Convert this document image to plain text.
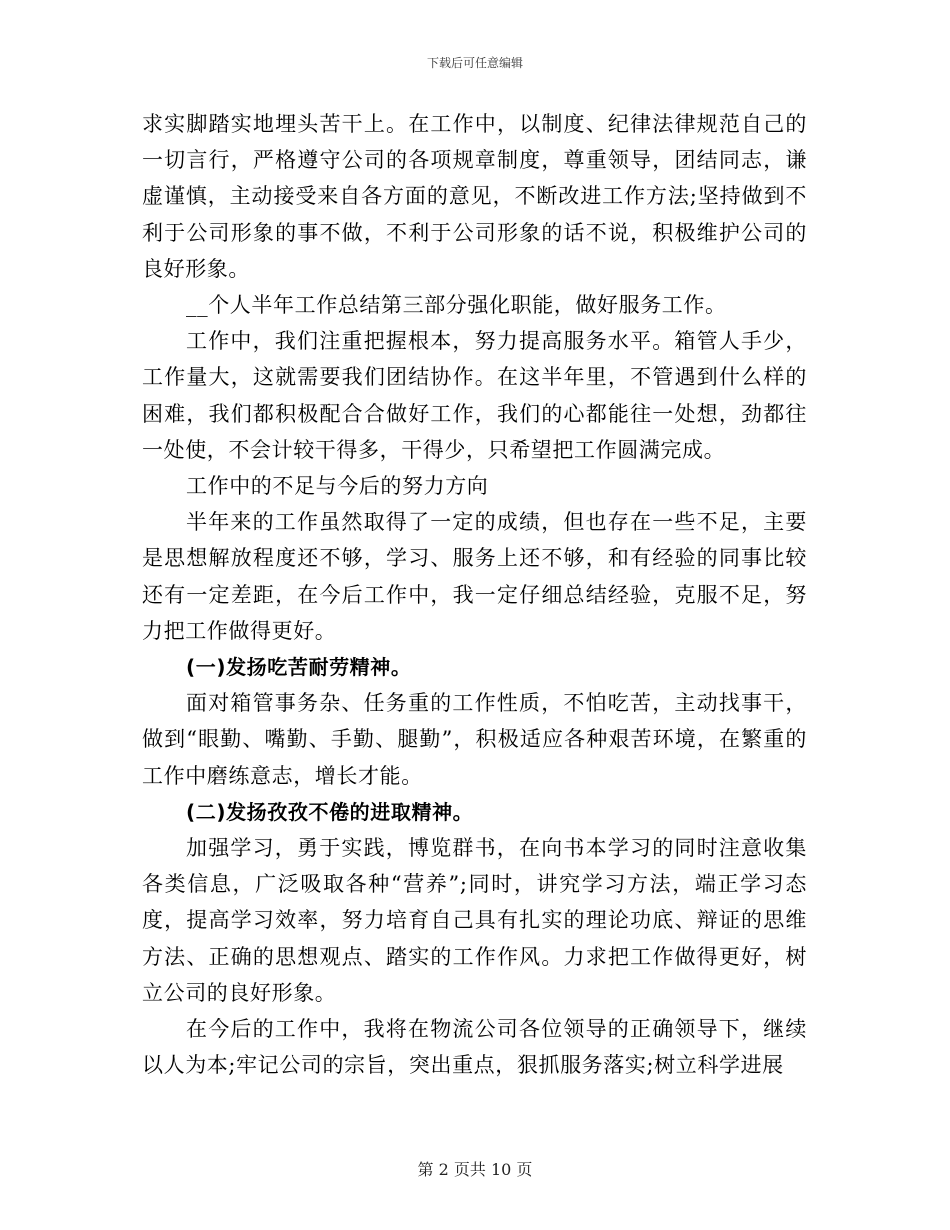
下载后可任意编辑

求实脚踏实地埋头苦干上。在工作中，以制度、纪律法律规范自己的一切言行，严格遵守公司的各项规章制度，尊重领导，团结同志，谦虚谨慎，主动接受来自各方面的意见，不断改进工作方法;坚持做到不利于公司形象的事不做，不利于公司形象的话不说，积极维护公司的良好形象。

__个人半年工作总结第三部分强化职能，做好服务工作。

工作中，我们注重把握根本，努力提高服务水平。箱管人手少，工作量大，这就需要我们团结协作。在这半年里，不管遇到什么样的困难，我们都积极配合合做好工作，我们的心都能往一处想，劲都往一处使，不会计较干得多，干得少，只希望把工作圆满完成。

工作中的不足与今后的努力方向

半年来的工作虽然取得了一定的成绩，但也存在一些不足，主要是思想解放程度还不够，学习、服务上还不够，和有经验的同事比较还有一定差距，在今后工作中，我一定仔细总结经验，克服不足，努力把工作做得更好。

(一)发扬吃苦耐劳精神。

面对箱管事务杂、任务重的工作性质，不怕吃苦，主动找事干，做到“眼勤、嘴勤、手勤、腿勤”，积极适应各种艰苦环境，在繁重的工作中磨练意志，增长才能。

(二)发扬孜孜不倦的进取精神。

加强学习，勇于实践，博览群书，在向书本学习的同时注意收集各类信息，广泛吸取各种“营养”;同时，讲究学习方法，端正学习态度，提高学习效率，努力培育自己具有扎实的理论功底、辩证的思维方法、正确的思想观点、踏实的工作作风。力求把工作做得更好，树立公司的良好形象。

在今后的工作中，我将在物流公司各位领导的正确领导下，继续以人为本;牢记公司的宗旨，突出重点，狠抓服务落实;树立科学进展

第 2 页共 10 页
